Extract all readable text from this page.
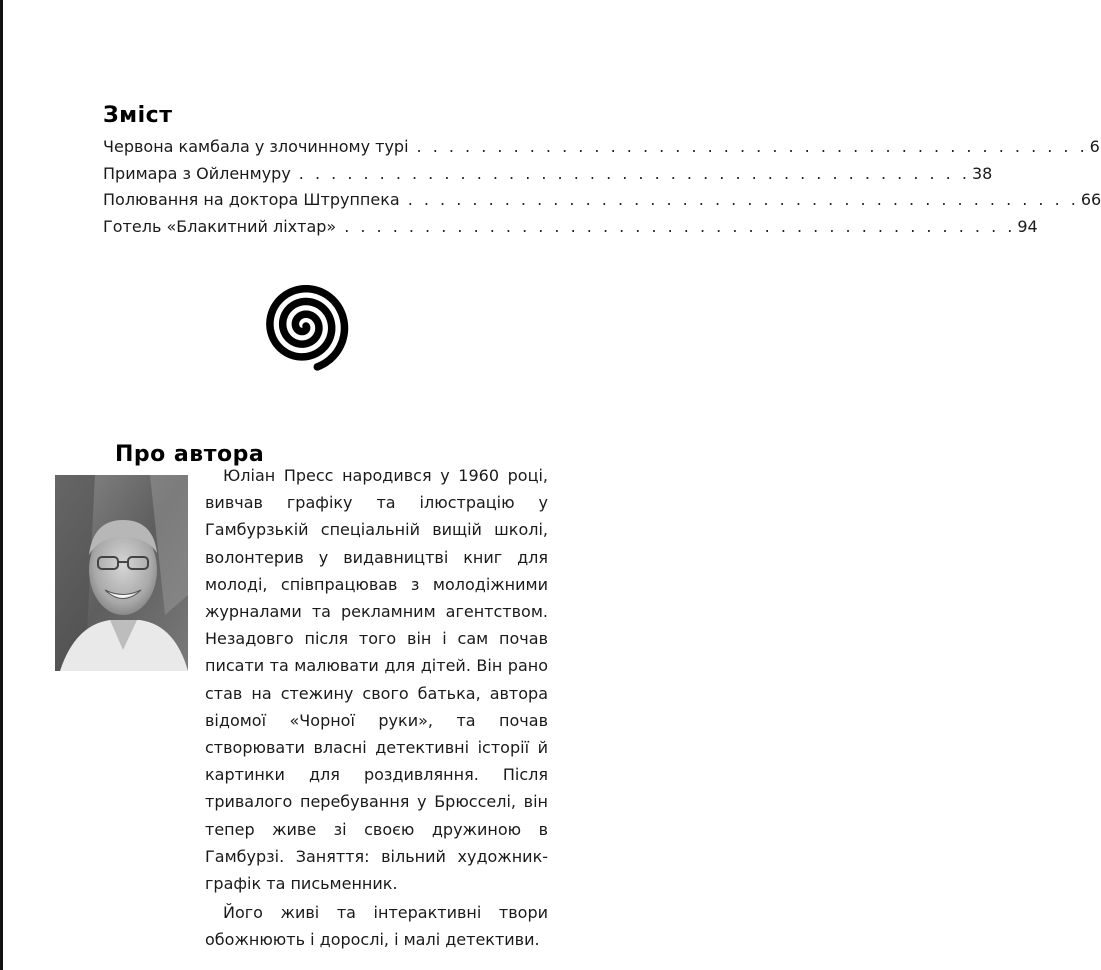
Зміст
Червона камбала у злочинному турі . . . . . . . . . . . . . . . . . . . . . . . . . . . . . . . . . . . . . . . . . . 6
Примара з Ойленмуру . . . . . . . . . . . . . . . . . . . . . . . . . . . . . . . . . . . . . . . . . . 38
Полювання на доктора Штруппека . . . . . . . . . . . . . . . . . . . . . . . . . . . . . . . . . . . . . . . . . . 66
Готель «Блакитний ліхтар» . . . . . . . . . . . . . . . . . . . . . . . . . . . . . . . . . . . . . . . . . . 94
Про автора

Юліан Пресс народився у 1960 році, вивчав графіку та ілюстрацію у Гамбурзькій спеціальній вищій школі, волонтерив у видавництві книг для молоді, співпрацював з молодіжними журналами та рекламним агентством. Незадовго після того він і сам почав писати та малювати для дітей. Він рано став на стежину свого батька, автора відомої «Чорної руки», та почав створювати власні детективні історії й картинки для роздивляння. Після тривалого перебування у Брюсселі, він тепер живе зі своєю дружиною в Гамбурзі. Заняття: вільний художник-графік та письменник.

Його живі та інтерактивні твори обожнюють і дорослі, і малі детективи.
